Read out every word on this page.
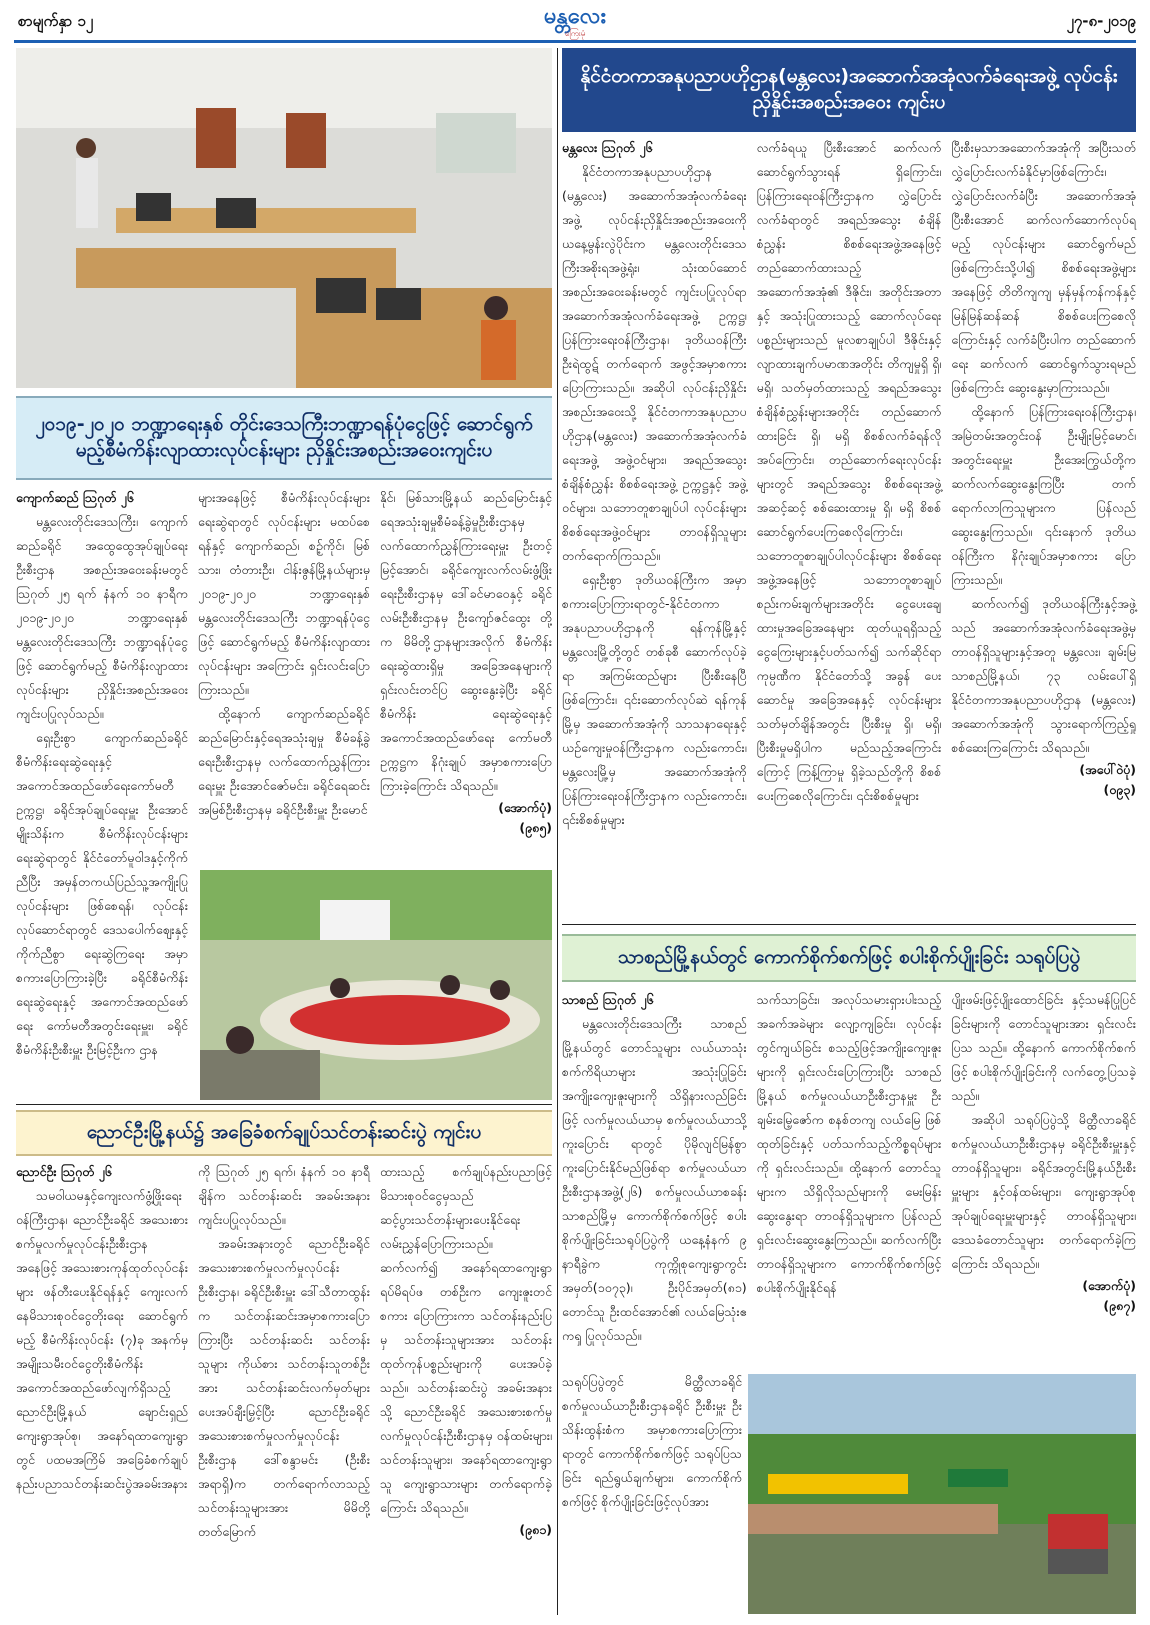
စာမျက်နှာ ၁၂	မန္တလေး
ကြေးမုံ
၂၇-၈-၂၀၁၉
နိုင်ငံတကာအနုပညာပဟိုဌာန(မန္တလေး)အဆောက်အအုံလက်ခံရေးအဖွဲ့ လုပ်ငန်းညှိနှိုင်းအစည်းအဝေး ကျင်းပ
မန္တလေး ဩဂုတ် ၂၆

နိုင်ငံတကာအနုပညာပဟိုဌာန (မန္တလေး) အဆောက်အအုံလက်ခံရေးအဖွဲ့ လုပ်ငန်းညှိနှိုင်းအစည်းအဝေးကို ယနေ့မွန်းလွဲပိုင်းက မန္တလေးတိုင်းဒေသကြီးအစိုးရအဖွဲ့ရုံး၊ သုံးထပ်ဆောင်အစည်းအဝေးခန်းမတွင် ကျင်းပပြုလုပ်ရာ အဆောက်အအုံလက်ခံရေးအဖွဲ့ ဥက္ကဋ္ဌ၊ ပြန်ကြားရေးဝန်ကြီးဌာန၊ ဒုတိယဝန်ကြီး ဦးရဲထွဋ် တက်ရောက် အဖွင့်အမှာစကား ပြောကြားသည်။ အဆိုပါ လုပ်ငန်းညှိနှိုင်းအစည်းအဝေးသို့ နိုင်ငံတကာအနုပညာပဟိုဌာန(မန္တလေး) အဆောက်အအုံလက်ခံရေးအဖွဲ့ အဖွဲ့ဝင်များ၊ အရည်အသွေး စံချိန်စံညွှန်း စိစစ်ရေးအဖွဲ့ ဥက္ကဋ္ဌနှင့် အဖွဲ့ဝင်များ၊ သဘောတူစာချုပ်ပါ လုပ်ငန်းများစိစစ်ရေးအဖွဲ့ဝင်များ တာဝန်ရှိသူများ တက်ရောက်ကြသည်။

ရှေးဦးစွာ ဒုတိယဝန်ကြီးက အမှာစကားပြောကြားရာတွင်-နိုင်ငံတကာအနုပညာပဟိုဌာနကို ရန်ကုန်မြို့နှင့် မန္တလေးမြို့တို့တွင် တစ်ခုစီ ဆောက်လုပ်ခဲ့ရာ အကြမ်းထည်များ ပြီးစီးနေပြီဖြစ်ကြောင်း၊ ၎င်းဆောက်လုပ်ဆဲ ရန်ကုန်မြို့မှ အဆောက်အအုံကို သာသနာရေးနှင့် ယဉ်ကျေးမှုဝန်ကြီးဌာနက လည်းကောင်း၊ မန္တလေးမြို့မှ အဆောက်အအုံကို ပြန်ကြားရေးဝန်ကြီးဌာနက လည်းကောင်း၊ ၎င်းစိစစ်မှုများ

လက်ခံရယူ ပြီးစီးအောင် ဆက်လက် ဆောင်ရွက်သွားရန် ရှိကြောင်း၊ ပြန်ကြားရေးဝန်ကြီးဌာနက လွှဲပြောင်းလက်ခံရာတွင် အရည်အသွေး စံချိန်စံညွှန်း စိစစ်ရေးအဖွဲ့အနေဖြင့် တည်ဆောက်ထားသည့် အဆောက်အအုံ၏ ဒီဇိုင်း၊ အတိုင်းအတာနှင့် အသုံးပြုထားသည့် ဆောက်လုပ်ရေးပစ္စည်းများသည် မူလစာချုပ်ပါ ဒီဇိုင်းနှင့် လျာထားချက်ပမာဏအတိုင်း တိကျမှုရှိ ရှိ၊ မရှိ၊ သတ်မှတ်ထားသည့် အရည်အသွေး စံချိန်စံညွှန်းများအတိုင်း တည်ဆောက်ထားခြင်း ရှိ၊ မရှိ စိစစ်လက်ခံရန်လိုအပ်ကြောင်း၊ တည်ဆောက်ရေးလုပ်ငန်းများတွင် အရည်အသွေး စိစစ်ရေးအဖွဲ့ အဆင့်ဆင့် စစ်ဆေးထားမှု ရှိ၊ မရှိ စိစစ်ဆောင်ရွက်ပေးကြစေလိုကြောင်း၊ သဘောတူစာချုပ်ပါလုပ်ငန်းများ စိစစ်ရေးအဖွဲ့အနေဖြင့် သဘောတူစာချုပ်စည်းကမ်းချက်များအတိုင်း ငွေပေးချေထားမှုအခြေအနေများ ထုတ်ယူရရှိသည့် ငွေကြေးများနှင့်ပတ်သက်၍ သက်ဆိုင်ရာကုမ္ပဏီက နိုင်ငံတော်သို့ အခွန် ပေးဆောင်မှု အခြေအနေနှင့် လုပ်ငန်းများ သတ်မှတ်ချိန်အတွင်း ပြီးစီးမှု ရှိ၊ မရှိ၊ ပြီးစီးမှုမရှိပါက မည်သည့်အကြောင်းကြောင့် ကြန့်ကြာမှု ရှိခဲ့သည်တို့ကို စိစစ်ပေးကြစေလိုကြောင်း၊ ၎င်းစိစစ်မှုများ

ပြီးစီးမှသာအဆောက်အအုံကို အပြီးသတ်လွှဲပြောင်းလက်ခံနိုင်မှာဖြစ်ကြောင်း၊ လွှဲပြောင်းလက်ခံပြီး အဆောက်အအုံ ပြီးစီးအောင် ဆက်လက်ဆောက်လုပ်ရမည့် လုပ်ငန်းများ ဆောင်ရွက်မည်ဖြစ်ကြောင်းသို့ပါ၍ စိစစ်ရေးအဖွဲ့များ အနေဖြင့် တိတိကျကျ မှန်မှန်ကန်ကန်နှင့် မြန်မြန်ဆန်ဆန် စိစစ်ပေးကြစေလိုကြောင်းနှင့် လက်ခံပြီးပါက တည်ဆောက်ရေး ဆက်လက် ဆောင်ရွက်သွားရမည် ဖြစ်ကြောင်း ဆွေးနွေးမှာကြားသည်။

ထို့နောက် ပြန်ကြားရေးဝန်ကြီးဌာန၊ အမြဲတမ်းအတွင်းဝန် ဦးမျိုးမြင့်မောင်၊ အတွင်းရေးမှူး ဦးအေးကြွယ်တို့က ဆက်လက်ဆွေးနွေးကြပြီး တက်ရောက်လာကြသူများက ပြန်လည်ဆွေးနွေးကြသည်။ ၎င်းနောက် ဒုတိယဝန်ကြီးက နိဂုံးချုပ်အမှာစကား ပြောကြားသည်။

ဆက်လက်၍ ဒုတိယဝန်ကြီးနှင့်အဖွဲ့သည် အဆောက်အအုံလက်ခံရေးအဖွဲ့မှ တာဝန်ရှိသူများနှင့်အတူ မန္တလေး၊ ချမ်းမြသာစည်မြို့နယ်၊ ၇၃ လမ်းပေါ်ရှိ နိုင်ငံတကာအနုပညာပဟိုဌာန (မန္တလေး) အဆောက်အအုံကို သွားရောက်ကြည့်ရှု စစ်ဆေးကြကြောင်း သိရသည်။

(အပေါ်ဝဲပုံ)
(ဝ၉၃)
၂၀၁၉-၂၀၂၀ ဘဏ္ဍာရေးနှစ် တိုင်းဒေသကြီးဘဏ္ဍာရန်ပုံငွေဖြင့် ဆောင်ရွက်မည့်စီမံကိန်းလျာထားလုပ်ငန်းများ ညှိနှိုင်းအစည်းအဝေးကျင်းပ
ကျောက်ဆည် ဩဂုတ် ၂၆

မန္တလေးတိုင်းဒေသကြီး၊ ကျောက်ဆည်ခရိုင် အထွေထွေအုပ်ချုပ်ရေးဦးစီးဌာန အစည်းအဝေးခန်းမတွင် ဩဂုတ် ၂၅ ရက် နံနက် ၁၀ နာရီက ၂၀၁၉-၂၀၂၀ ဘဏ္ဍာရေးနှစ် မန္တလေးတိုင်းဒေသကြီး ဘဏ္ဍာရန်ပုံငွေဖြင့် ဆောင်ရွက်မည့် စီမံကိန်းလျာထား လုပ်ငန်းများ ညှိနှိုင်းအစည်းအဝေး ကျင်းပပြုလုပ်သည်။

ရှေးဦးစွာ ကျောက်ဆည်ခရိုင် စီမံကိန်းရေးဆွဲရေးနှင့် အကောင်အထည်ဖော်ရေးကော်မတီဥက္ကဋ္ဌ၊ ခရိုင်အုပ်ချုပ်ရေးမှူး ဦးအောင်မျိုးသိန်းက စီမံကိန်းလုပ်ငန်းများ ရေးဆွဲရာတွင် နိုင်ငံတော်မူဝါဒနှင့်ကိုက်ညီပြီး အမှန်တကယ်ပြည်သူ့အကျိုးပြုလုပ်ငန်းများ ဖြစ်စေရန်၊ လုပ်ငန်းလုပ်ဆောင်ရာတွင် ဒေသပေါက်ဈေးနှင့် ကိုက်ညီစွာ ရေးဆွဲကြရေး အမှာစကားပြောကြားခဲ့ပြီး ခရိုင်စီမံကိန်းရေးဆွဲရေးနှင့် အကောင်အထည်ဖော်ရေး ကော်မတီအတွင်းရေးမှူး၊ ခရိုင်စီမံကိန်းဦးစီးမှူး ဦးမြင့်ဦးက ဌာန

များအနေဖြင့် စီမံကိန်းလုပ်ငန်းများ ရေးဆွဲရာတွင် လုပ်ငန်းများ မထပ်စေရန်နှင့် ကျောက်ဆည်၊ စဉ့်ကိုင်၊ မြစ်သား၊ တံတားဦး၊ ငါန်းဇွန်မြို့နယ်များမှ ၂၀၁၉-၂၀၂၀ ဘဏ္ဍာရေးနှစ် မန္တလေးတိုင်းဒေသကြီး ဘဏ္ဍာရန်ပုံငွေဖြင့် ဆောင်ရွက်မည့် စီမံကိန်းလျာထား လုပ်ငန်းများ အကြောင်း ရှင်းလင်းပြောကြားသည်။

ထို့နောက် ကျောက်ဆည်ခရိုင် ဆည်မြောင်းနှင့်ရေအသုံးချမှု စီမံခန့်ခွဲရေးဦးစီးဌာနမှ လက်ထောက်ညွှန်ကြားရေးမှူး ဦးအောင်ဇော်မင်း၊ ခရိုင်ရေဆင်းအမြစ်ဦးစီးဌာနမှ ခရိုင်ဦးစီးမှူး ဦးမောင်

နိုင်၊ မြစ်သားမြို့နယ် ဆည်မြောင်းနှင့် ရေအသုံးချမှုစီမံခန့်ခွဲမှုဦးစီးဌာနမှ လက်ထောက်ညွှန်ကြားရေးမှူး ဦးတင့်မြင့်အောင်၊ ခရိုင်ကျေးလက်လမ်းဖွံ့ဖြိုးရေးဦးစီးဌာနမှ ဒေါ်ခင်မာဝေနှင့် ခရိုင်လမ်းဦးစီးဌာနမှ ဦးကျော်ဇင်ထွေး တို့က မိမိတို့ဌာနများအလိုက် စီမံကိန်းရေးဆွဲထားရှိမှု အခြေအနေများကို ရှင်းလင်းတင်ပြ ဆွေးနွေးခဲ့ပြီး ခရိုင်စီမံကိန်း ရေးဆွဲရေးနှင့် အကောင်အထည်ဖော်ရေး ကော်မတီဥက္ကဋ္ဌက နိဂုံးချုပ် အမှာစကားပြောကြားခဲ့ကြောင်း သိရသည်။

(အောက်ပုံ)
(၉၈၅)
ညောင်ဦးမြို့နယ်၌ အခြေခံစက်ချုပ်သင်တန်းဆင်းပွဲ ကျင်းပ
ညောင်ဦး ဩဂုတ် ၂၆

သမဝါယမနှင့်ကျေးလက်ဖွံ့ဖြိုးရေးဝန်ကြီးဌာန၊ ညောင်ဦးခရိုင် အသေးစားစက်မှုလက်မှုလုပ်ငန်းဦးစီးဌာနအနေဖြင့် အသေးစားကုန်ထုတ်လုပ်ငန်းများ ဖန်တီးပေးနိုင်ရန်နှင့် ကျေးလက်နေမိသားစုဝင်ငွေတိုးရေး ဆောင်ရွက်မည့် စီမံကိန်းလုပ်ငန်း (၇)ခု အနက်မှ အမျိုးသမီးဝင်ငွေတိုးစီမံကိန်း အကောင်အထည်ဖော်လျက်ရှိသည့် ညောင်ဦးမြို့နယ် ချောင်းရှည်ကျေးရွာအုပ်စု၊ အနော်ရထာကျေးရွာတွင် ပထမအကြိမ် အခြေခံစက်ချုပ် နည်းပညာသင်တန်းဆင်းပွဲအခမ်းအနား

ကို ဩဂုတ် ၂၅ ရက်၊ နံနက် ၁၀ နာရီ ချိန်က သင်တန်းဆင်း အခမ်းအနားကျင်းပပြုလုပ်သည်။

အခမ်းအနားတွင် ညောင်ဦးခရိုင် အသေးစားစက်မှုလက်မှုလုပ်ငန်းဦးစီးဌာန၊ ခရိုင်ဦးစီးမှူး ဒေါ်သီတာထွန်းက သင်တန်းဆင်းအမှာစကားပြောကြားပြီး သင်တန်းဆင်း သင်တန်းသူများ ကိုယ်စား သင်တန်းသူတစ်ဦးအား သင်တန်းဆင်းလက်မှတ်များ ပေးအပ်ချီးမြှင့်ပြီး ညောင်ဦးခရိုင် အသေးစားစက်မှုလက်မှုလုပ်ငန်းဦးစီးဌာန ဒေါ်စန္ဒာမင်း (ဦးစီးအရာရှိ)က တက်ရောက်လာသည့် သင်တန်းသူများအား မိမိတို့တတ်မြောက်

ထားသည့် စက်ချုပ်နည်းပညာဖြင့် မိသားစုဝင်ငွေမှသည် ဆင့်ပွားသင်တန်းများပေးနိုင်ရေး လမ်းညွှန်ပြောကြားသည်။ ဆက်လက်၍ အနော်ရထာကျေးရွာ ရပ်မိရပ်ဖ တစ်ဦးက ကျေးဇူးတင်စကား ပြောကြားကာ သင်တန်းနည်းပြမှ သင်တန်းသူများအား သင်တန်းထုတ်ကုန်ပစ္စည်းများကို ပေးအပ်ခဲ့သည်။ သင်တန်းဆင်းပွဲ အခမ်းအနားသို့ ညောင်ဦးခရိုင် အသေးစားစက်မှုလက်မှုလုပ်ငန်းဦးစီးဌာနမှ ဝန်ထမ်းများ၊ သင်တန်းသူများ၊ အနော်ရထာကျေးရွာသူ ကျေးရွာသားများ တက်ရောက်ခဲ့ကြောင်း သိရသည်။

(၉၈၁)
သာစည်မြို့နယ်တွင် ကောက်စိုက်စက်ဖြင့် စပါးစိုက်ပျိုးခြင်း သရုပ်ပြပွဲ
သာစည် ဩဂုတ် ၂၆

မန္တလေးတိုင်းဒေသကြီး သာစည်မြို့နယ်တွင် တောင်သူများ လယ်ယာသုံးစက်ကိရိယာများ အသုံးပြုခြင်း အကျိုးကျေးဇူးများကို သိရှိနားလည်ခြင်းဖြင့် လက်မှုလယ်ယာမှ စက်မှုလယ်ယာသို့ ကူးပြောင်း ရာတွင် ပိုမိုလျင်မြန်စွာကူးပြောင်းနိုင်မည်ဖြစ်ရာ စက်မှုလယ်ယာဦးစီးဌာနအဖွဲ့(၂၆) စက်မှုလယ်ယာစခန်းသာစည်မြို့မှ ကောက်စိုက်စက်ဖြင့် စပါးစိုက်ပျိုးခြင်းသရုပ်ပြပွဲကို ယနေ့နံနက် ၉ နာရီခွဲက ကုက္ကိုစုကျေးရွာကွင်းအမှတ်(၁၀၇၃)၊ ဦးပိုင်အမှတ်(၈၁) တောင်သူ ဦးထင်အောင်၏ လယ်မြေသုံးဧကၡ ပြုလုပ်သည်။

သက်သာခြင်း၊ အလုပ်သမားရှားပါးသည့်အခက်အခဲများ လျော့ကျခြင်း၊ လုပ်ငန်းတွင်ကျယ်ခြင်း စသည့်ဖြင့်အကျိုးကျေးဇူးများကို ရှင်းလင်းပြောကြားပြီး သာစည်မြို့နယ် စက်မှုလယ်ယာဦးစီးဌာနမှူး ဦးချမ်းမြေ့ဇော်က စနစ်တကျ လယ်မြေ ဖြစ်ထုတ်ခြင်းနှင့် ပတ်သက်သည့်ကိစ္စရပ်များကို ရှင်းလင်းသည်။ ထို့နောက် တောင်သူများက သိရှိလိုသည်များကို မေးမြန်းဆွေးနွေးရာ တာဝန်ရှိသူများက ပြန်လည်ရှင်းလင်းဆွေးနွေးကြသည်။ ဆက်လက်ပြီး တာဝန်ရှိသူများက ကောက်စိုက်စက်ဖြင့် စပါးစိုက်ပျိုးနိုင်ရန်

ပျိုးဖမ်းဖြင့်ပျိုးထောင်ခြင်း နှင့်သမန်ပြုပြင်ခြင်းများကို တောင်သူများအား ရှင်းလင်းပြသ သည်။ ထို့နောက် ကောက်စိုက်စက်ဖြင့် စပါးစိုက်ပျိုးခြင်းကို လက်တွေ့ပြသခဲ့သည်။

အဆိုပါ သရုပ်ပြပွဲသို့ မိတ္ထီလာခရိုင် စက်မှုလယ်ယာဦးစီးဌာနမှ ခရိုင်ဦးစီးမှူးနှင့် တာဝန်ရှိသူများ၊ ခရိုင်အတွင်းမြို့နယ်ဦးစီးမှူးများ နှင့်ဝန်ထမ်းများ၊ ကျေးရွာအုပ်စုအုပ်ချုပ်ရေးမှူးများနှင့် တာဝန်ရှိသူများ၊ ဒေသခံတောင်သူများ တက်ရောက်ခဲ့ကြကြောင်း သိရသည်။

(အောက်ပုံ)
(၉၈၇)
သရုပ်ပြပွဲတွင် မိတ္ထီလာခရိုင် စက်မှုလယ်ယာဦးစီးဌာနခရိုင် ဦးစီးမှူး ဦးသိန်းထွန်းစံက အမှာစကားပြောကြားရာတွင် ကောက်စိုက်စက်ဖြင့် သရုပ်ပြသခြင်း ရည်ရွယ်ချက်များ၊ ကောက်စိုက်စက်ဖြင့် စိုက်ပျိုးခြင်းဖြင့်လုပ်အား
